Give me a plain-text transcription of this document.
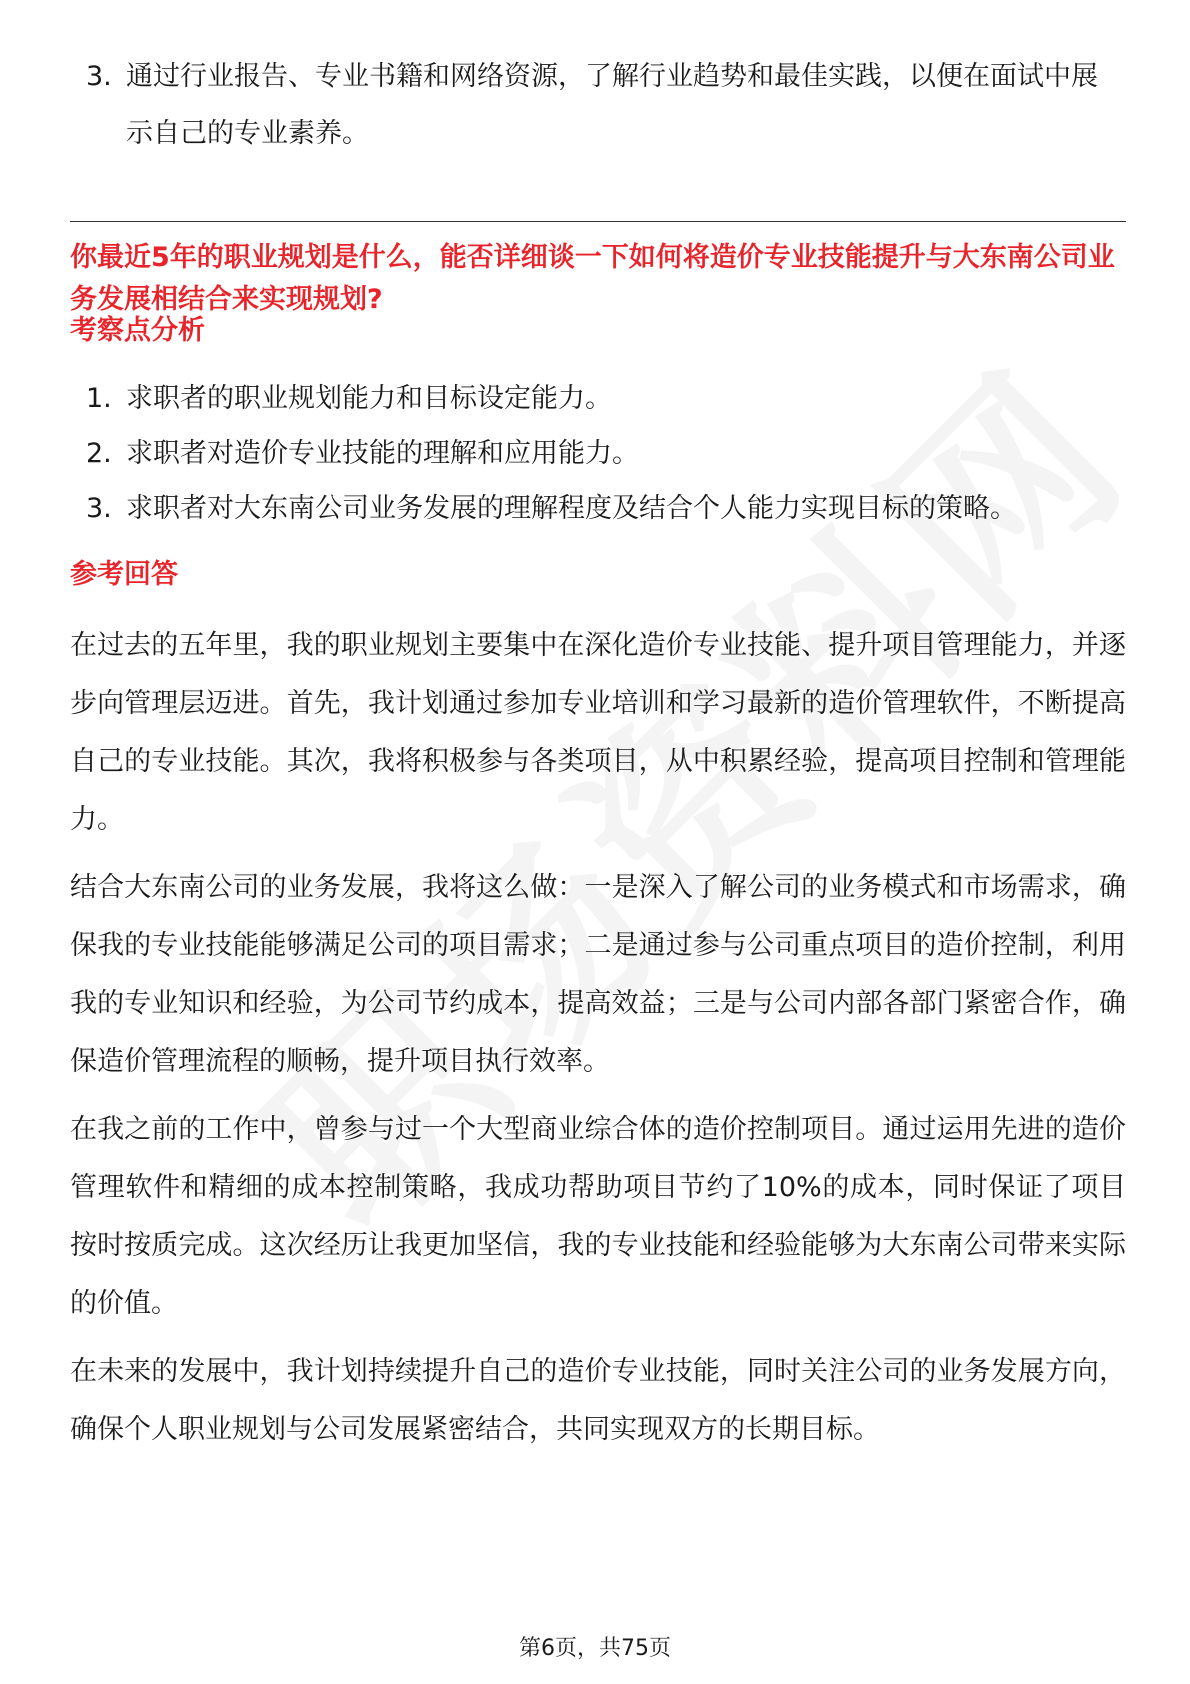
3. 通过行业报告、专业书籍和网络资源，了解行业趋势和最佳实践，以便在面试中展示自己的专业素养。
你最近5年的职业规划是什么，能否详细谈一下如何将造价专业技能提升与大东南公司业务发展相结合来实现规划?
考察点分析
1. 求职者的职业规划能力和目标设定能力。
2. 求职者对造价专业技能的理解和应用能力。
3. 求职者对大东南公司业务发展的理解程度及结合个人能力实现目标的策略。
参考回答
在过去的五年里，我的职业规划主要集中在深化造价专业技能、提升项目管理能力，并逐步向管理层迈进。首先，我计划通过参加专业培训和学习最新的造价管理软件，不断提高自己的专业技能。其次，我将积极参与各类项目，从中积累经验，提高项目控制和管理能力。
结合大东南公司的业务发展，我将这么做：一是深入了解公司的业务模式和市场需求，确保我的专业技能能够满足公司的项目需求；二是通过参与公司重点项目的造价控制，利用我的专业知识和经验，为公司节约成本，提高效益；三是与公司内部各部门紧密合作，确保造价管理流程的顺畅，提升项目执行效率。
在我之前的工作中，曾参与过一个大型商业综合体的造价控制项目。通过运用先进的造价管理软件和精细的成本控制策略，我成功帮助项目节约了10%的成本，同时保证了项目按时按质完成。这次经历让我更加坚信，我的专业技能和经验能够为大东南公司带来实际的价值。
在未来的发展中，我计划持续提升自己的造价专业技能，同时关注公司的业务发展方向，确保个人职业规划与公司发展紧密结合，共同实现双方的长期目标。
第6页，共75页
